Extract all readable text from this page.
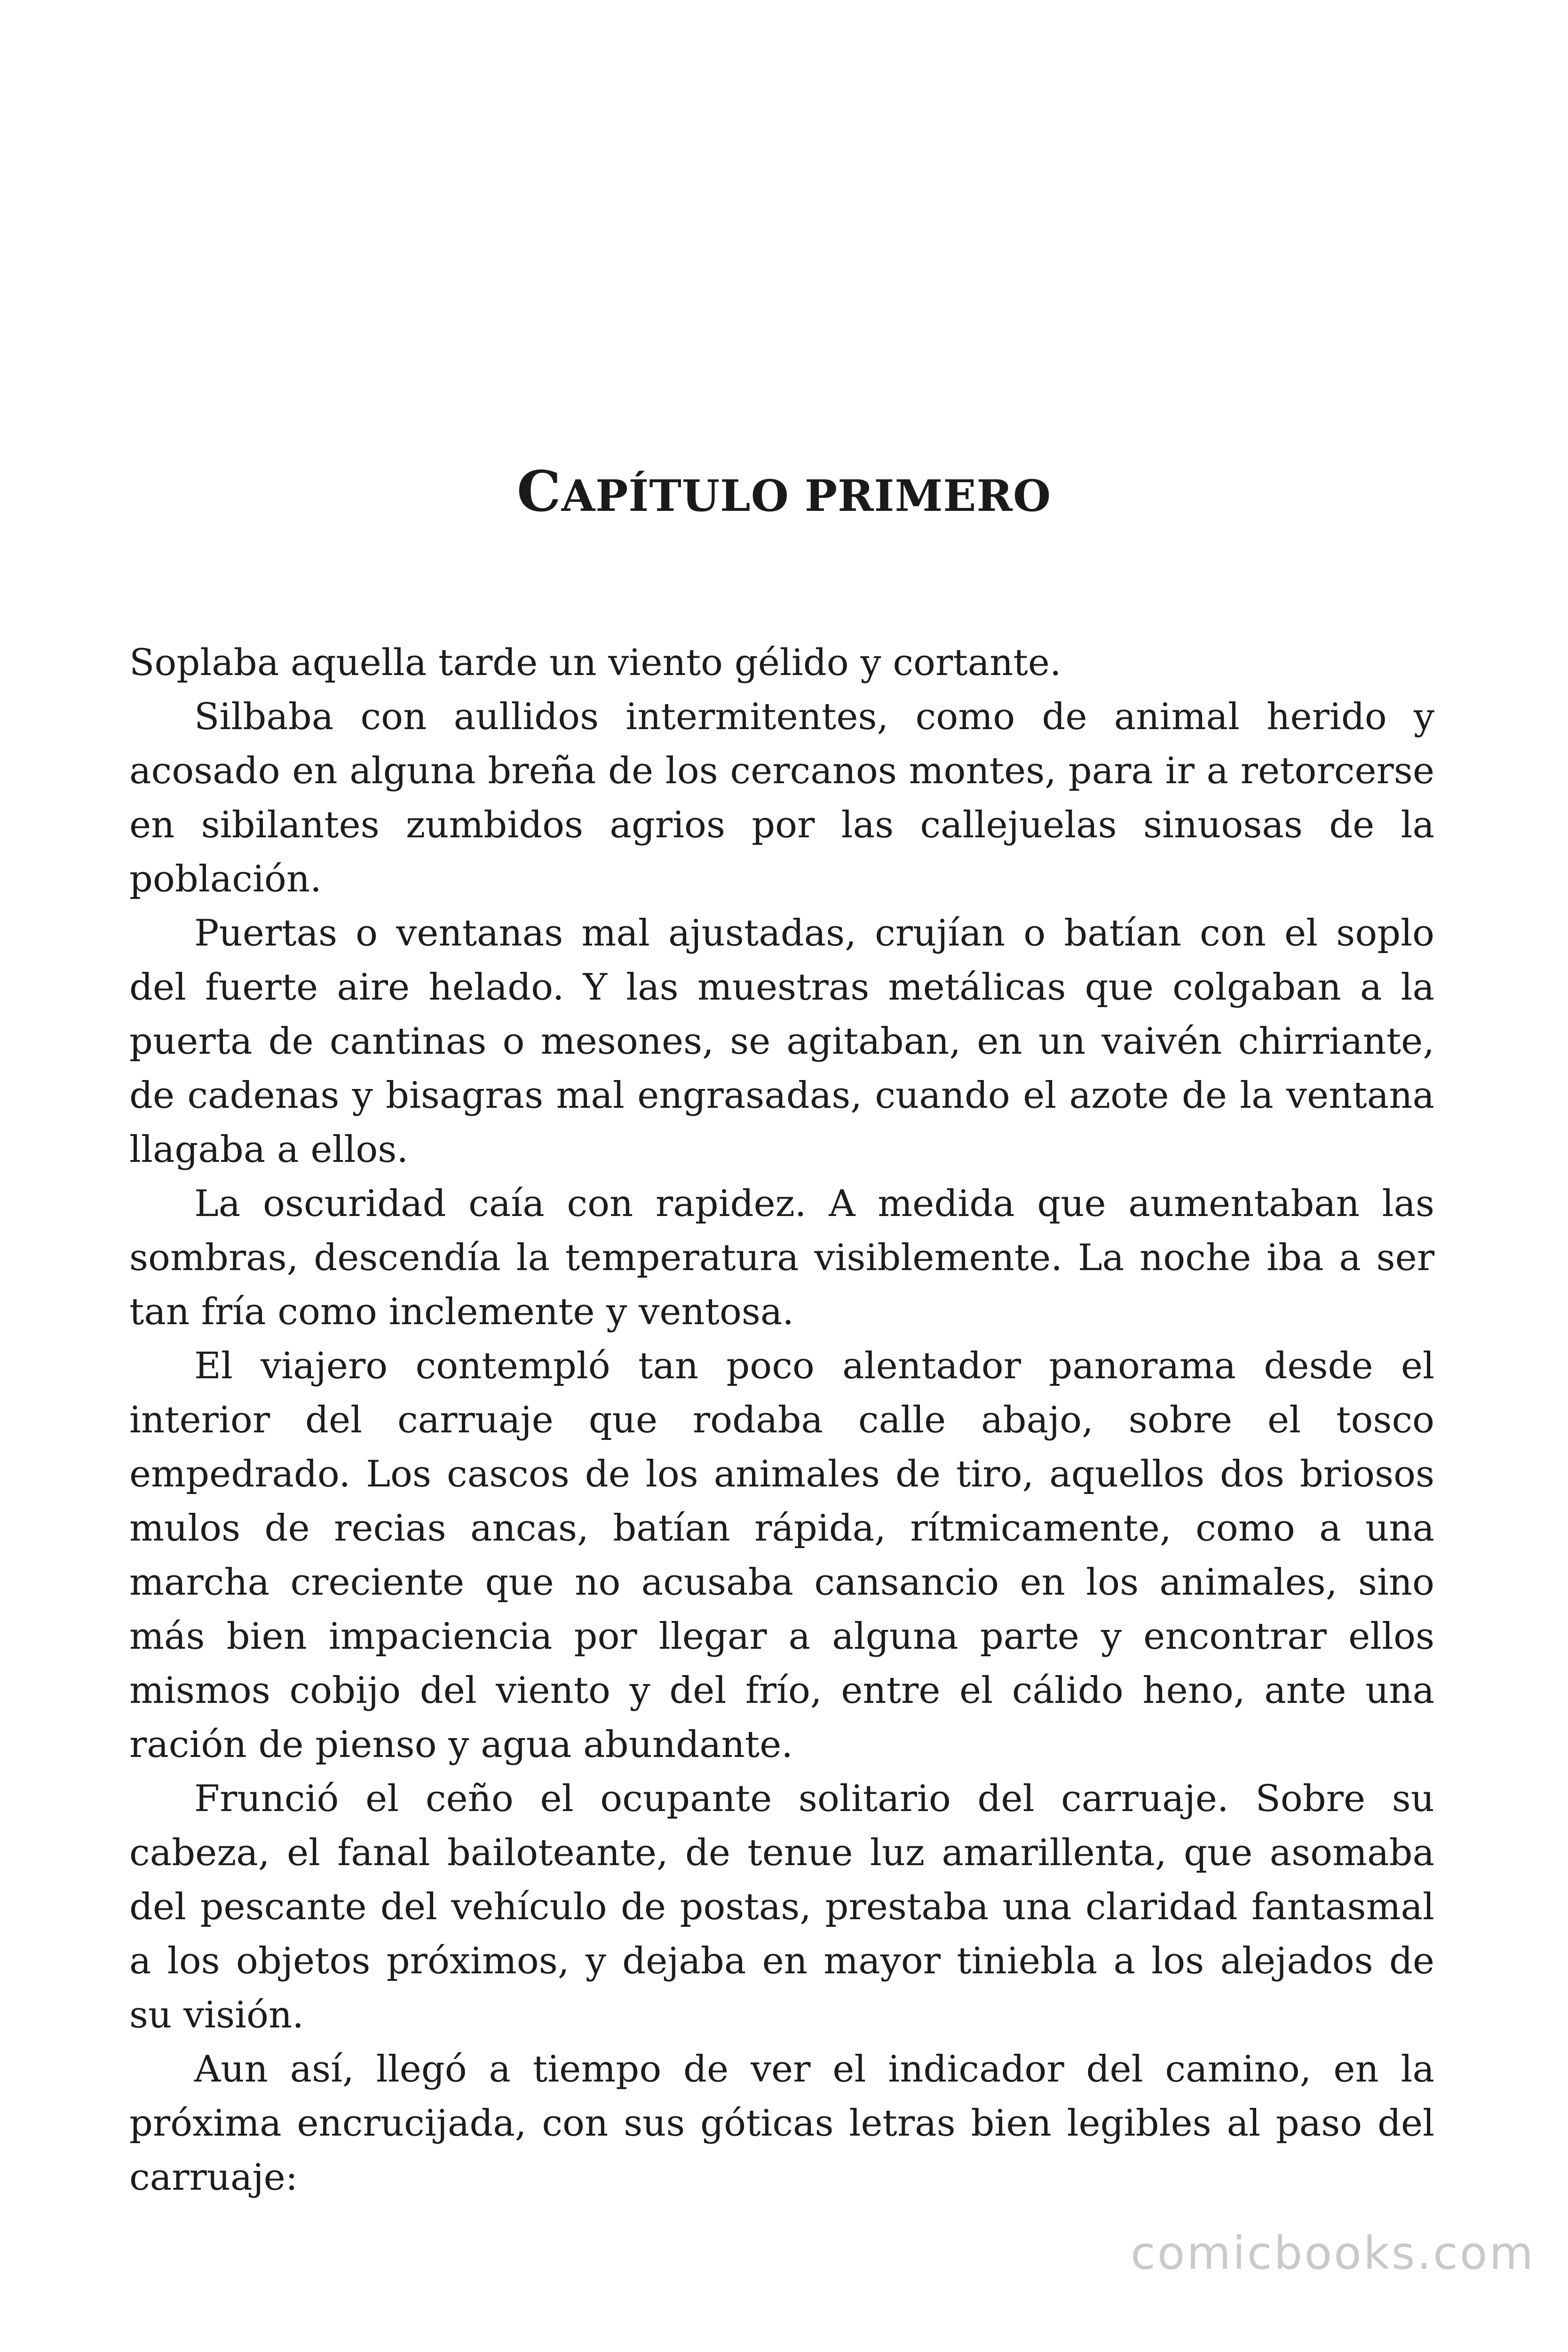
CAPÍTULO PRIMERO

Soplaba aquella tarde un viento gélido y cortante.

Silbaba con aullidos intermitentes, como de animal herido y acosado en alguna breña de los cercanos montes, para ir a retorcerse en sibilantes zumbidos agrios por las callejuelas sinuosas de la población.

Puertas o ventanas mal ajustadas, crujían o batían con el soplo del fuerte aire helado. Y las muestras metálicas que colgaban a la puerta de cantinas o mesones, se agitaban, en un vaivén chirriante, de cadenas y bisagras mal engrasadas, cuando el azote de la ventana llagaba a ellos.

La oscuridad caía con rapidez. A medida que aumentaban las sombras, descendía la temperatura visiblemente. La noche iba a ser tan fría como inclemente y ventosa.

El viajero contempló tan poco alentador panorama desde el interior del carruaje que rodaba calle abajo, sobre el tosco empedrado. Los cascos de los animales de tiro, aquellos dos briosos mulos de recias ancas, batían rápida, rítmicamente, como a una marcha creciente que no acusaba cansancio en los animales, sino más bien impaciencia por llegar a alguna parte y encontrar ellos mismos cobijo del viento y del frío, entre el cálido heno, ante una ración de pienso y agua abundante.

Frunció el ceño el ocupante solitario del carruaje. Sobre su cabeza, el fanal bailoteante, de tenue luz amarillenta, que asomaba del pescante del vehículo de postas, prestaba una claridad fantasmal a los objetos próximos, y dejaba en mayor tiniebla a los alejados de su visión.

Aun así, llegó a tiempo de ver el indicador del camino, en la próxima encrucijada, con sus góticas letras bien legibles al paso del carruaje:

comicbooks.com
